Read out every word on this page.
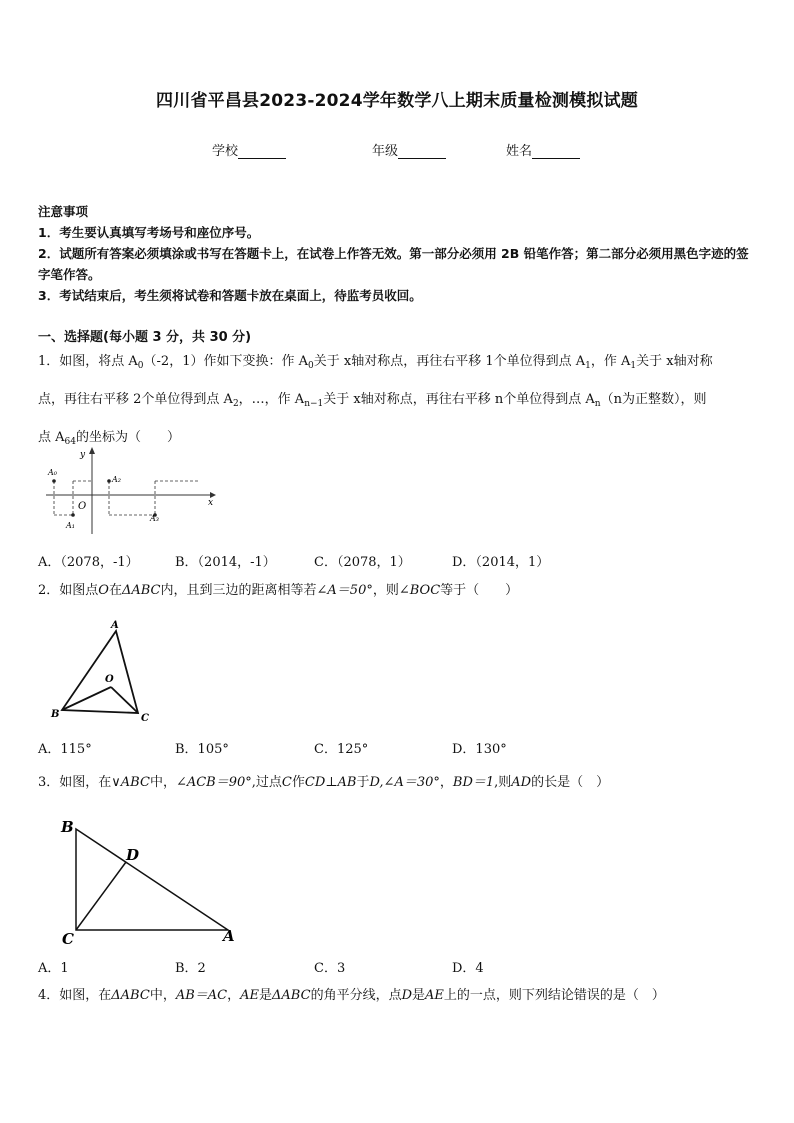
四川省平昌县2023-2024学年数学八上期末质量检测模拟试题
学校	年级	姓名
注意事项
1．考生要认真填写考场号和座位序号。
2．试题所有答案必须填涂或书写在答题卡上，在试卷上作答无效。第一部分必须用 2B 铅笔作答；第二部分必须用黑色字迹的签字笔作答。
3．考试结束后，考生须将试卷和答题卡放在桌面上，待监考员收回。
一、选择题(每小题 3 分，共 30 分)
1．如图，将点 $A_0(-2$，1）作如下变换：作 $A_0$关于 x轴对称点，再往右平移 1个单位得到点 $A_1$，作 $A_1$关于 x轴对称
点，再往右平移 2个单位得到点 $A_2$，…，作 $A_{n-1}$关于 x轴对称点，再往右平移 n个单位得到点 $A_n(n$为正整数），则
点 $A_{64}$的坐标为（　　）
y
x
O
A₀
A₁
A₂
A₃
A．（2078，-1）	B．（2014，-1）	C．（2078，1）	D．（2014，1）
2．如图点O在ΔABC内，且到三边的距离相等若∠A＝50°，则∠BOC等于（　　）
A
B	C
O
A．115°	B．105°	C．125°	D．130°
3．如图，在∨ABC中，∠ACB＝90°,过点C作CD⊥AB于D,∠A＝30°，BD＝1,则AD的长是（　）
B
D
C	A
A．1	B．2	C．3	D．4
4．如图，在ΔABC中，AB＝AC，AE是ΔABC的角平分线，点D是AE上的一点，则下列结论错误的是（　）
